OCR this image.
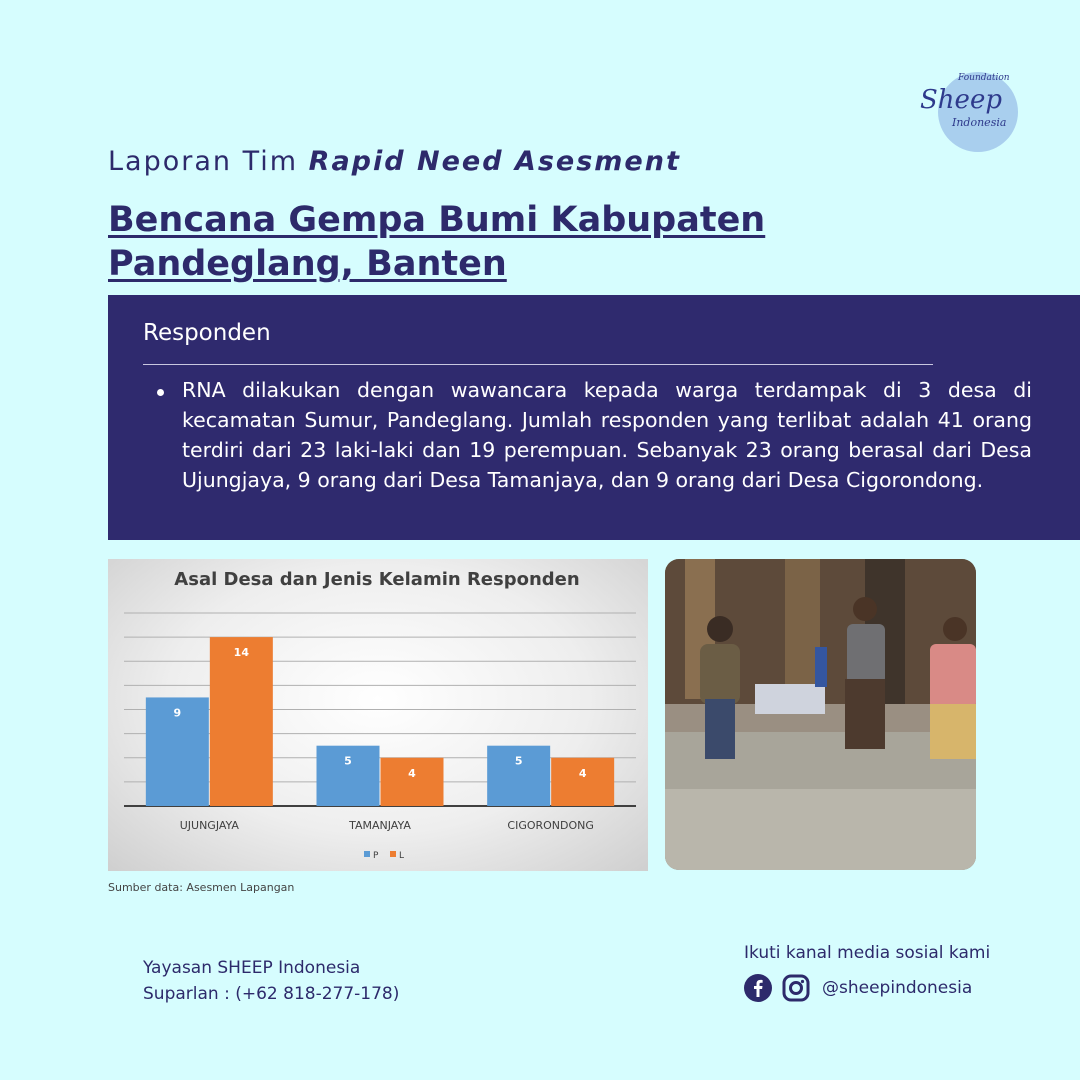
Sheep
Indonesia
Foundation
Laporan Tim Rapid Need Asesment
Bencana Gempa Bumi Kabupaten Pandeglang, Banten
Responden
RNA dilakukan dengan wawancara kepada warga terdampak di 3 desa di kecamatan Sumur, Pandeglang. Jumlah responden yang terlibat adalah 41 orang terdiri dari 23 laki-laki dan 19 perempuan. Sebanyak 23 orang berasal dari Desa Ujungjaya, 9 orang dari Desa Tamanjaya, dan 9 orang dari Desa Cigorondong.
Asal Desa dan Jenis Kelamin Responden
9
14
UJUNGJAYA
5
4
TAMANJAYA
5
4
CIGORONDONG
P L
Sumber data: Asesmen Lapangan
Yayasan SHEEP Indonesia
Suparlan : (+62 818-277-178)
Ikuti kanal media sosial kami
@sheepindonesia
